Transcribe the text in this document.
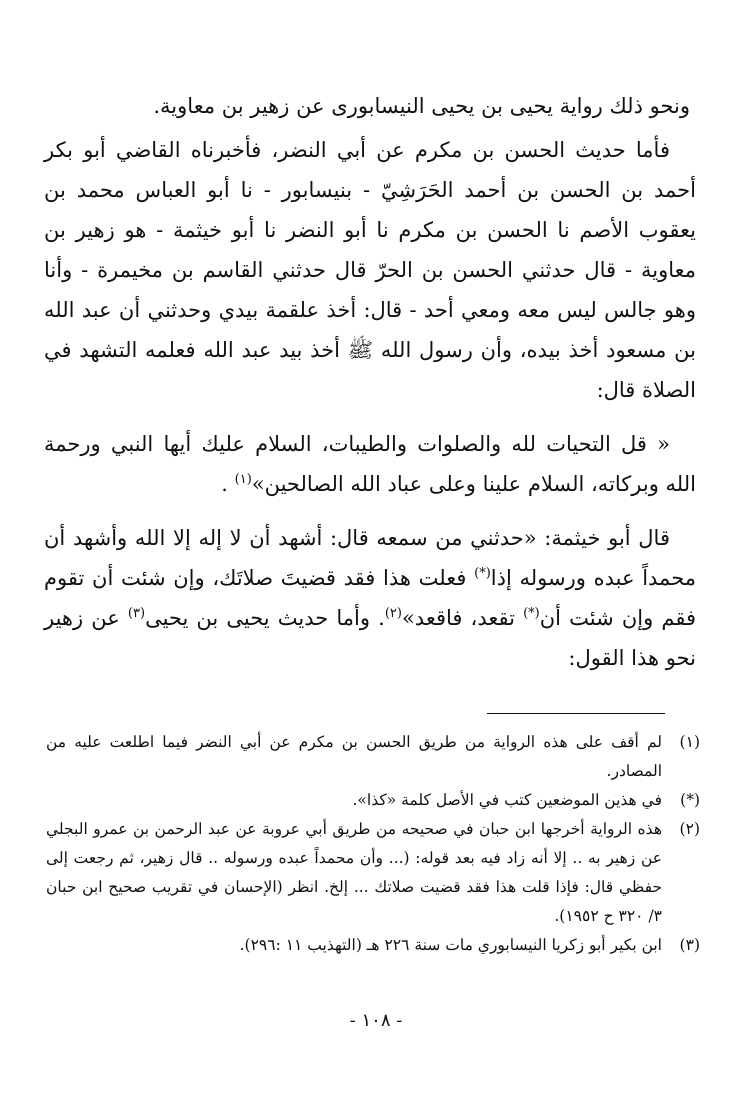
ونحو ذلك رواية يحيى بن يحيى النيسابورى عن زهير بن معاوية.

فأما حديث الحسن بن مكرم عن أبي النضر، فأخبرناه القاضي أبو بكر أحمد بن الحسن بن أحمد الحَرَشِيّ - بنيسابور - نا أبو العباس محمد بن يعقوب الأصم نا الحسن بن مكرم نا أبو النضر نا أبو خيثمة - هو زهير بن معاوية - قال حدثني الحسن بن الحرّ قال حدثني القاسم بن مخيمرة - وأنا وهو جالس ليس معه ومعي أحد - قال: أخذ علقمة بيدي وحدثني أن عبد الله بن مسعود أخذ بيده، وأن رسول الله ﷺ أخذ بيد عبد الله فعلمه التشهد في الصلاة قال:

« قل التحيات لله والصلوات والطيبات، السلام عليك أيها النبي ورحمة الله وبركاته، السلام علينا وعلى عباد الله الصالحين»$^{(١)}$ .

قال أبو خيثمة: «حدثني من سمعه قال: أشهد أن لا إله إلا الله وأشهد أن محمداً عبده ورسوله إذا(*) فعلت هذا فقد قضيتَ صلاتَك، وإن شئت أن تقوم فقم وإن شئت أن(*) تقعد، فاقعد»$^{(٢)}$. وأما حديث يحيى بن يحيى$^{(٣)}$ عن زهير نحو هذا القول:

(١)
لم أقف على هذه الرواية من طريق الحسن بن مكرم عن أبي النضر فيما اطلعت عليه من المصادر.
(*)
في هذين الموضعين كتب في الأصل كلمة «كذا».
(٢)
هذه الرواية أخرجها ابن حبان في صحيحه من طريق أبي عروبة عن عبد الرحمن بن عمرو البجلي عن زهير به .. إلا أنه زاد فيه بعد قوله: (... وأن محمداً عبده ورسوله .. قال زهير، ثم رجعت إلى حفظي قال: فإذا قلت هذا فقد قضيت صلاتك ... إلخ. انظر (الإحسان في تقريب صحيح ابن حبان ٣/ ٣٢٠ ح ١٩٥٢).
(٣)
ابن بكير أبو زكريا النيسابوري مات سنة ٢٢٦ هـ (التهذيب ١١ :٢٩٦).
- ١٠٨ -
